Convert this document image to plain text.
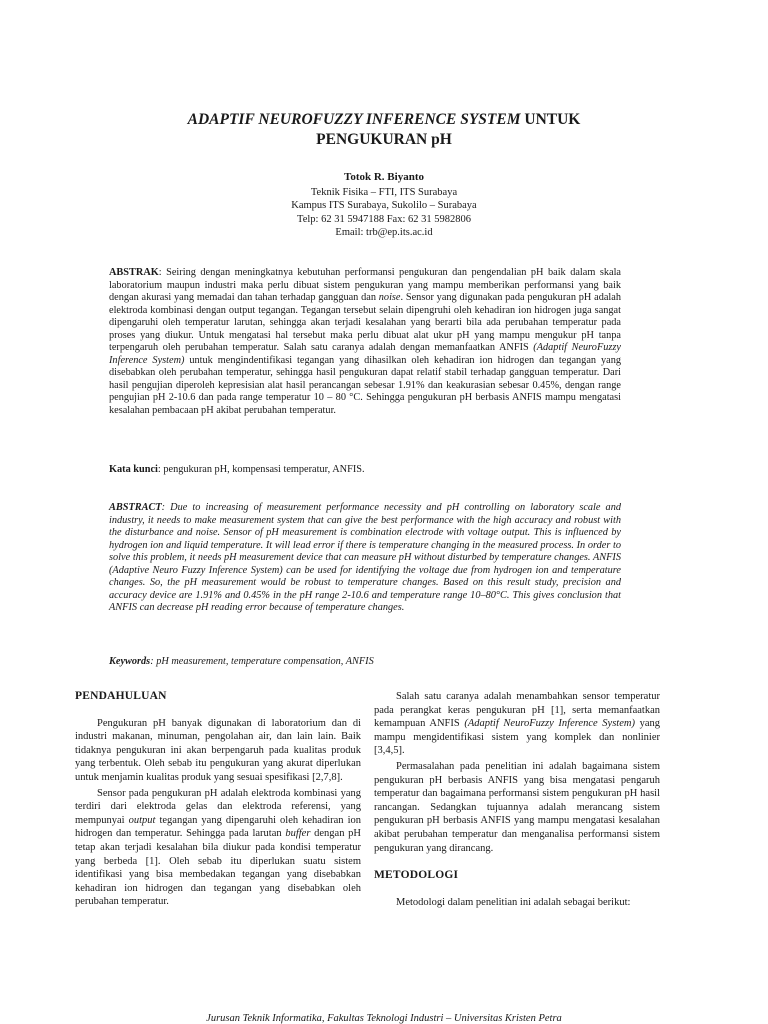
ADAPTIF NEUROFUZZY INFERENCE SYSTEM UNTUK
PENGUKURAN pH
Totok R. Biyanto
Teknik Fisika – FTI, ITS Surabaya
Kampus ITS Surabaya, Sukolilo – Surabaya
Telp: 62 31 5947188 Fax: 62 31 5982806
Email: trb@ep.its.ac.id

ABSTRAK: Seiring dengan meningkatnya kebutuhan performansi pengukuran dan pengendalian pH baik dalam skala laboratorium maupun industri maka perlu dibuat sistem pengukuran yang mampu memberikan performansi yang baik dengan akurasi yang memadai dan tahan terhadap gangguan dan noise. Sensor yang digunakan pada pengukuran pH adalah elektroda kombinasi dengan output tegangan. Tegangan tersebut selain dipengruhi oleh kehadiran ion hidrogen juga sangat dipengaruhi oleh temperatur larutan, sehingga akan terjadi kesalahan yang berarti bila ada perubahan temperatur pada proses yang diukur. Untuk mengatasi hal tersebut maka perlu dibuat alat ukur pH yang mampu mengukur pH tanpa terpengaruh oleh perubahan temperatur. Salah satu caranya adalah dengan memanfaatkan ANFIS (Adaptif NeuroFuzzy Inference System) untuk mengindentifikasi tegangan yang dihasilkan oleh kehadiran ion hidrogen dan tegangan yang disebabkan oleh perubahan temperatur, sehingga hasil pengukuran dapat relatif stabil terhadap gangguan temperatur. Dari hasil pengujian diperoleh kepresisian alat hasil perancangan sebesar 1.91% dan keakurasian sebesar 0.45%, dengan range pengujian pH 2-10.6 dan pada range temperatur 10 – 80 °C. Sehingga pengukuran pH berbasis ANFIS mampu mengatasi kesalahan pembacaan pH akibat perubahan temperatur.

Kata kunci: pengukuran pH, kompensasi temperatur, ANFIS.

ABSTRACT: Due to increasing of measurement performance necessity and pH controlling on laboratory scale and industry, it needs to make measurement system that can give the best performance with the high accuracy and robust with the disturbance and noise. Sensor of pH measurement is combination electrode with voltage output. This is influenced by hydrogen ion and liquid temperature. It will lead error if there is temperature changing in the measured process. In order to solve this problem, it needs pH measurement device that can measure pH without disturbed by temperature changes. ANFIS (Adaptive Neuro Fuzzy Inference System) can be used for identifying the voltage due from hydrogen ion and temperature changes. So, the pH measurement would be robust to temperature changes. Based on this result study, precision and accuracy device are 1.91% and 0.45% in the pH range 2-10.6 and temperature range 10–80°C. This gives conclusion that ANFIS can decrease pH reading error because of temperature changes.

Keywords: pH measurement, temperature compensation, ANFIS

PENDAHULUAN

Pengukuran pH banyak digunakan di laboratorium dan di industri makanan, minuman, pengolahan air, dan lain lain. Baik tidaknya pengukuran ini akan berpengaruh pada kualitas produk yang terbentuk. Oleh sebab itu pengukuran yang akurat diperlukan untuk menjamin kualitas produk yang sesuai spesifikasi [2,7,8].

Sensor pada pengukuran pH adalah elektroda kombinasi yang terdiri dari elektroda gelas dan elektroda referensi, yang mempunyai output tegangan yang dipengaruhi oleh kehadiran ion hidrogen dan temperatur. Sehingga pada larutan buffer dengan pH tetap akan terjadi kesalahan bila diukur pada kondisi temperatur yang berbeda [1]. Oleh sebab itu diperlukan suatu sistem identifikasi yang bisa membedakan tegangan yang disebabkan kehadiran ion hidrogen dan tegangan yang disebabkan oleh perubahan temperatur.

Salah satu caranya adalah menambahkan sensor temperatur pada perangkat keras pengukuran pH [1], serta memanfaatkan kemampuan ANFIS (Adaptif NeuroFuzzy Inference System) yang mampu mengidentifikasi sistem yang komplek dan nonlinier [3,4,5].

Permasalahan pada penelitian ini adalah bagaimana sistem pengukuran pH berbasis ANFIS yang bisa mengatasi pengaruh temperatur dan bagaimana performansi sistem pengukuran pH hasil rancangan. Sedangkan tujuannya adalah merancang sistem pengukuran pH berbasis ANFIS yang mampu mengatasi kesalahan akibat perubahan temperatur dan menganalisa performansi sistem pengukuran yang dirancang.

METODOLOGI

Metodologi dalam penelitian ini adalah sebagai berikut:

Jurusan Teknik Informatika, Fakultas Teknologi Industri – Universitas Kristen Petra
